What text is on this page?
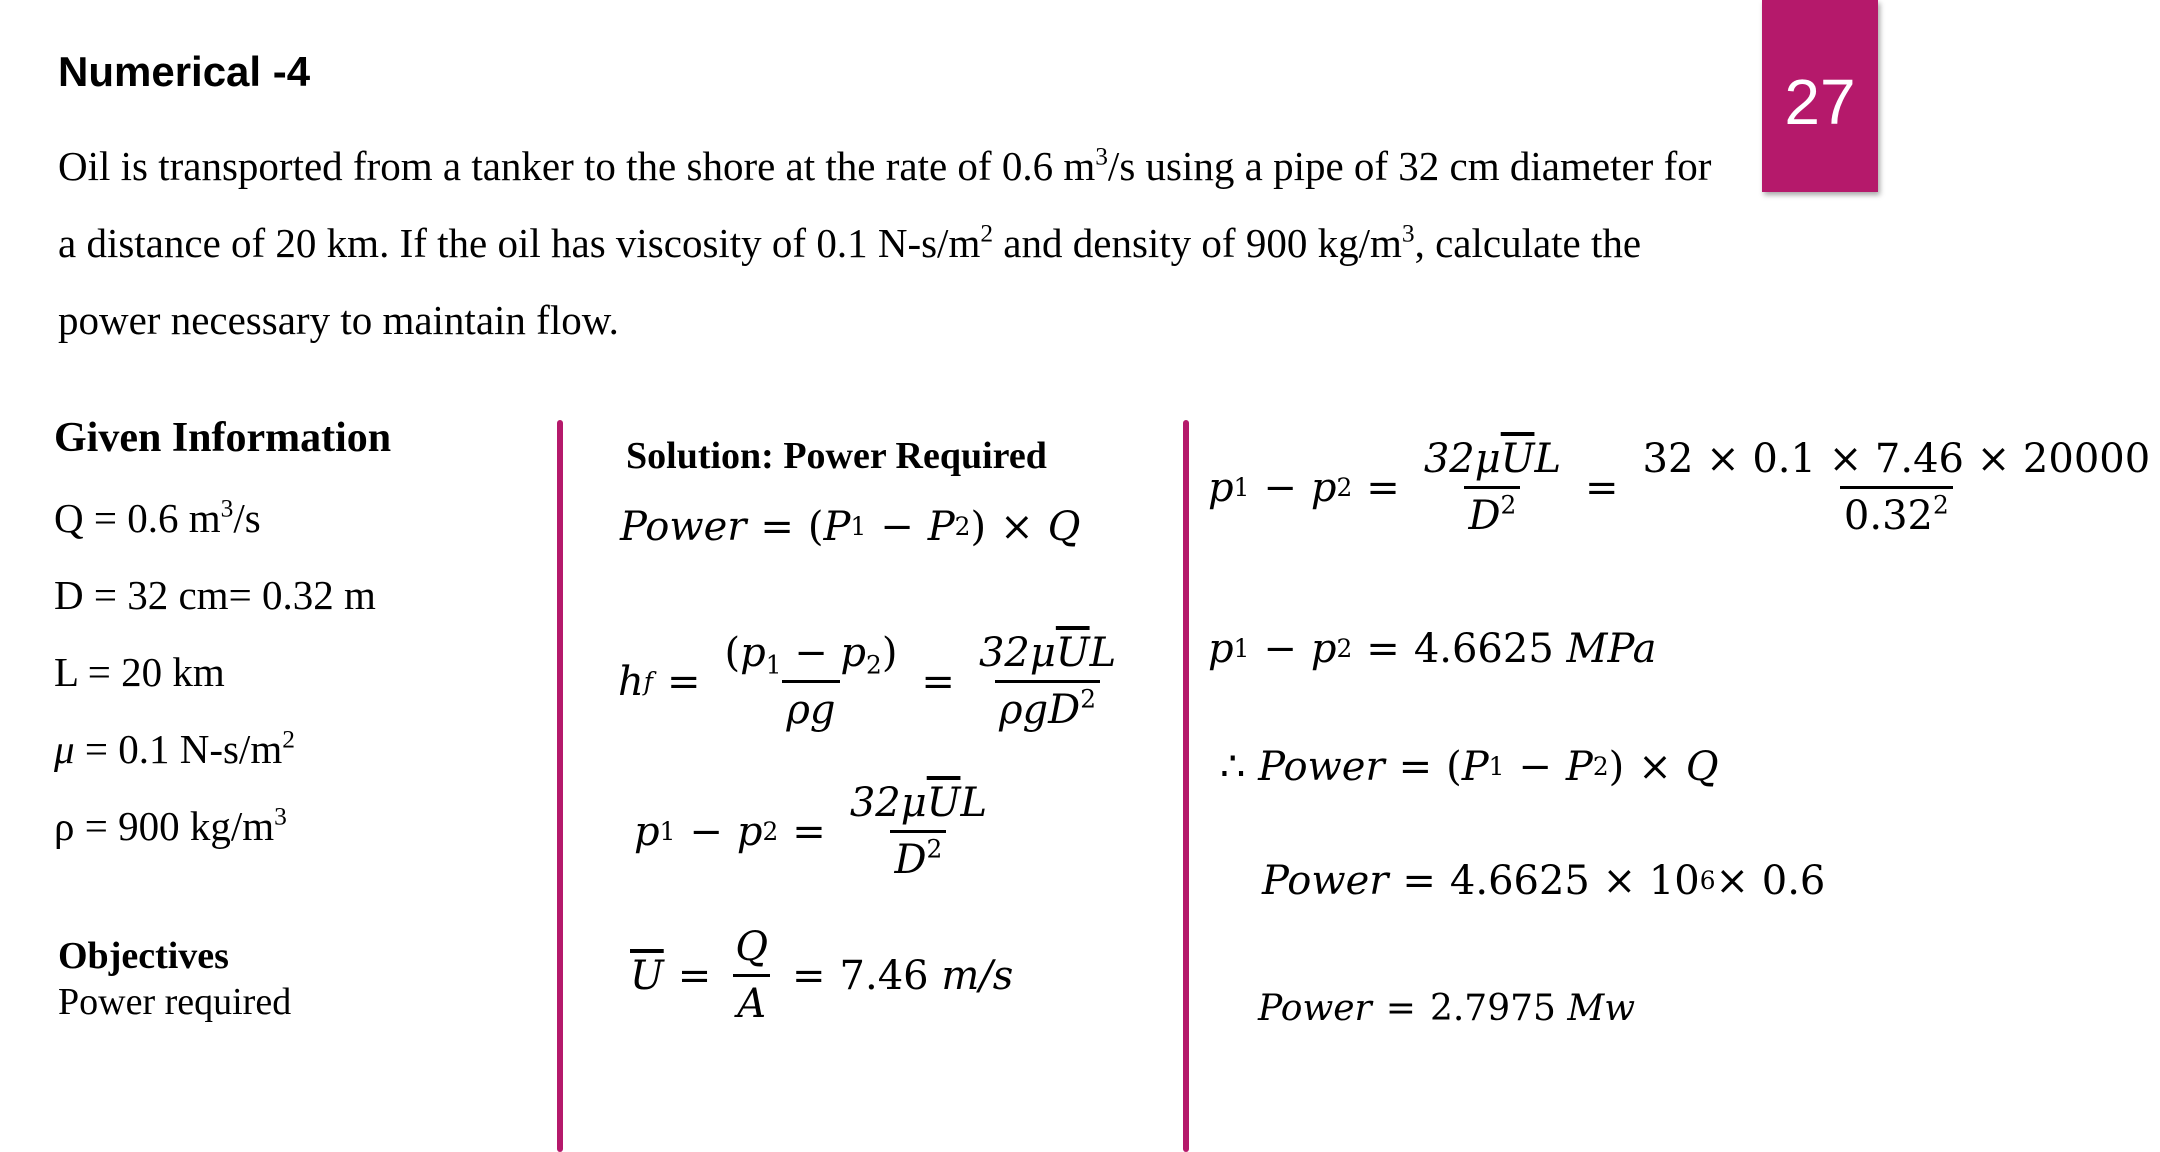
27
Numerical -4
Oil is transported from a tanker to the shore at the rate of 0.6 $m^3/s$ using a pipe of 32 cm diameter for a distance of 20 km. If the oil has viscosity of 0.1 $N-s/m^2$ and density of 900 $kg/m^3$, calculate the power necessary to maintain flow.
Given Information
Q = 0.6 $m^3/s$
D = 32 cm= 0.32 m
L = 20 km
μ = 0.1 $N-s/m^2$
ρ = 900 $kg/m^3$
Objectives
Power required
Solution: Power Required
Power = ( P 1 − P 2 ) × Q
h $f = \frac{(p_1 - p_2)}{\rho g} = \frac{32\mu\overline{U}L}{\rho gD^2}$
p 1 − p $2 = \frac{32\mu\overline{U}L}{D^2}$
$\overline{U} = \frac{Q}{A} = 7.46$
m/s
p 1 − p $2 = \frac{32\mu\overline{U}L}{D^2} = \frac{32 \times 0.1 \times 7.46 \times 20000}{0.32^2}$
p 1 − p 2 = 4.6625
MPa
∴
Power = ( P 1 − P 2 ) × Q
Power = 4.6625 × 10 6 × 0.6
Power = 2.7975
Mw
